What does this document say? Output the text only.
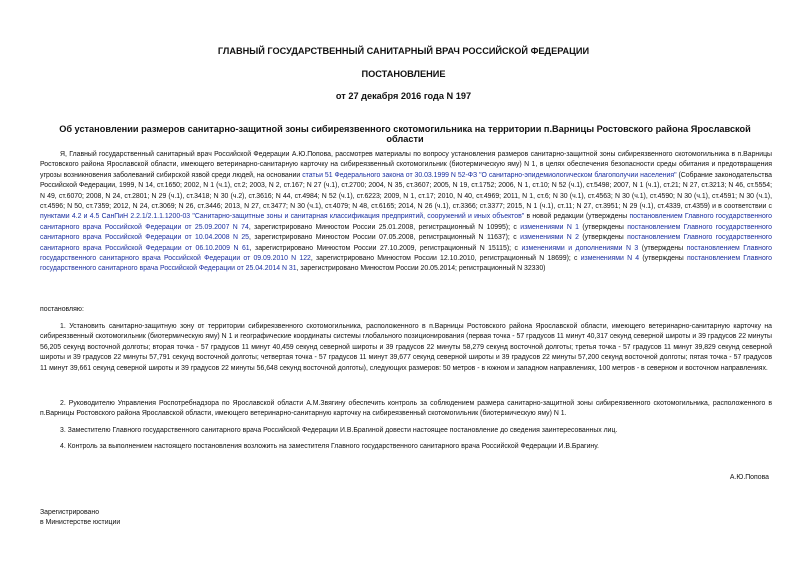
ГЛАВНЫЙ ГОСУДАРСТВЕННЫЙ САНИТАРНЫЙ ВРАЧ РОССИЙСКОЙ ФЕДЕРАЦИИ
ПОСТАНОВЛЕНИЕ
от 27 декабря 2016 года N 197
Об установлении размеров санитарно-защитной зоны сибиреязвенного скотомогильника на территории п.Варницы Ростовского района Ярославской области

Я, Главный государственный санитарный врач Российской Федерации А.Ю.Попова, рассмотрев материалы по вопросу установления размеров санитарно-защитной зоны сибиреязвенного скотомогильника в п.Варницы Ростовского района Ярославской области, имеющего ветеринарно-санитарную карточку на сибиреязвенный скотомогильник (биотермическую яму) N 1, в целях обеспечения безопасности среды обитания и предотвращения угрозы возникновения заболеваний сибирской язвой среди людей, на основании статьи 51 Федерального закона от 30.03.1999 N 52-ФЗ "О санитарно-эпидемиологическом благополучии населения" (Собрание законодательства Российской Федерации, 1999, N 14, ст.1650; 2002, N 1 (ч.1), ст.2; 2003, N 2, ст.167; N 27 (ч.1), ст.2700; 2004, N 35, ст.3607; 2005, N 19, ст.1752; 2006, N 1, ст.10; N 52 (ч.1), ст.5498; 2007, N 1 (ч.1), ст.21; N 27, ст.3213; N 46, ст.5554; N 49, ст.6070; 2008, N 24, ст.2801; N 29 (ч.1), ст.3418; N 30 (ч.2), ст.3616; N 44, ст.4984; N 52 (ч.1), ст.6223; 2009, N 1, ст.17; 2010, N 40, ст.4969; 2011, N 1, ст.6; N 30 (ч.1), ст.4563; N 30 (ч.1), ст.4590; N 30 (ч.1), ст.4591; N 30 (ч.1), ст.4596; N 50, ст.7359; 2012, N 24, ст.3069; N 26, ст.3446; 2013, N 27, ст.3477; N 30 (ч.1), ст.4079; N 48, ст.6165; 2014, N 26 (ч.1), ст.3366; ст.3377; 2015, N 1 (ч.1), ст.11; N 27, ст.3951; N 29 (ч.1), ст.4339, ст.4359) и в соответствии с пунктами 4.2 и 4.5 СанПиН 2.2.1/2.1.1.1200-03 "Санитарно-защитные зоны и санитарная классификация предприятий, сооружений и иных объектов" в новой редакции (утверждены постановлением Главного государственного санитарного врача Российской Федерации от 25.09.2007 N 74, зарегистрировано Минюстом России 25.01.2008, регистрационный N 10995); с изменениями N 1 (утверждены постановлением Главного государственного санитарного врача Российской Федерации от 10.04.2008 N 25, зарегистрировано Минюстом России 07.05.2008, регистрационный N 11637); с изменениями N 2 (утверждены постановлением Главного государственного санитарного врача Российской Федерации от 06.10.2009 N 61, зарегистрировано Минюстом России 27.10.2009, регистрационный N 15115); с изменениями и дополнениями N 3 (утверждены постановлением Главного государственного санитарного врача Российской Федерации от 09.09.2010 N 122, зарегистрировано Минюстом России 12.10.2010, регистрационный N 18699); с изменениями N 4 (утверждены постановлением Главного государственного санитарного врача Российской Федерации от 25.04.2014 N 31, зарегистрировано Минюстом России 20.05.2014; регистрационный N 32330)

постановляю:

1. Установить санитарно-защитную зону от территории сибиреязвенного скотомогильника, расположенного в п.Варницы Ростовского района Ярославской области, имеющего ветеринарно-санитарную карточку на сибиреязвенный скотомогильник (биотермическую яму) N 1 и географические координаты системы глобального позиционирования (первая точка - 57 градусов 11 минут 40,317 секунд северной широты и 39 градусов 22 минуты 56,205 секунд восточной долготы; вторая точка - 57 градусов 11 минут 40,459 секунд северной широты и 39 градусов 22 минуты 58,279 секунд восточной долготы; третья точка - 57 градусов 11 минут 39,829 секунд северной широты и 39 градусов 22 минуты 57,791 секунд восточной долготы; четвертая точка - 57 градусов 11 минут 39,677 секунд северной широты и 39 градусов 22 минуты 57,200 секунд восточной долготы; пятая точка - 57 градусов 11 минут 39,661 секунд северной широты и 39 градусов 22 минуты 56,648 секунд восточной долготы), следующих размеров: 50 метров - в южном и западном направлениях, 100 метров - в северном и восточном направлениях.

2. Руководителю Управления Роспотребнадзора по Ярославской области А.М.Звягину обеспечить контроль за соблюдением размера санитарно-защитной зоны сибиреязвенного скотомогильника, расположенного в п.Варницы Ростовского района Ярославской области, имеющего ветеринарно-санитарную карточку на сибиреязвенный скотомогильник (биотермическую яму) N 1.

3. Заместителю Главного государственного санитарного врача Российской Федерации И.В.Брагиной довести настоящее постановление до сведения заинтересованных лиц.

4. Контроль за выполнением настоящего постановления возложить на заместителя Главного государственного санитарного врача Российской Федерации И.В.Брагину.

А.Ю.Попова
Зарегистрировано
в Министерстве юстиции
